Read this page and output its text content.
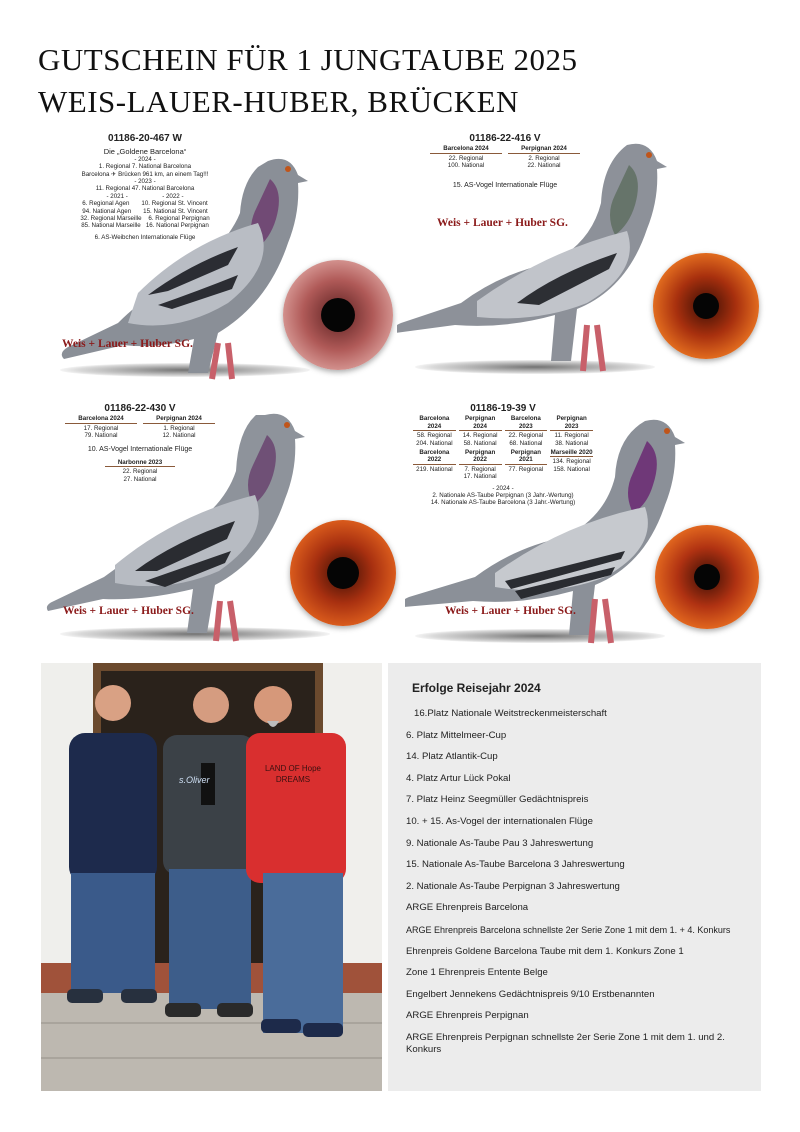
GUTSCHEIN FÜR 1 JUNGTAUBE 2025
WEIS-LAUER-HUBER, BRÜCKEN
01186-20-467 W
Die „Goldene Barcelona“
- 2024 -
1. Regional 7. National Barcelona
Barcelona ✈ Brücken 961 km, an einem Tag!!!
- 2023 -
11. Regional 47. National Barcelona
- 2021 -                    - 2022 -
6. Regional Agen       10. Regional St. Vincent
94. National Agen       15. National St. Vincent
32. Regional Marseille    6. Regional Perpignan
85. National Marseille   16. National Perpignan
6. AS-Weibchen Internationale Flüge
Weis + Lauer + Huber SG.
01186-22-416 V
Barcelona 2024
22. Regional
100. National
Perpignan 2024
2. Regional
22. National
15. AS-Vogel Internationale Flüge
Weis + Lauer + Huber SG.
01186-22-430 V
Barcelona 2024
17. Regional
79. National
Perpignan 2024
1. Regional
12. National
10. AS-Vogel Internationale Flüge
Narbonne 2023
22. Regional
27. National
Weis + Lauer + Huber SG.
01186-19-39 V
Barcelona 2024
58. Regional
204. National
Perpignan 2024
14. Regional
58. National
Barcelona 2023
22. Regional
68. National
Perpignan 2023
11. Regional
38. National
Barcelona 2022
219. National
Perpignan 2022
7. Regional
17. National
Perpignan 2021
77. Regional
Marseille 2020
134. Regional
158. National
- 2024 -
2. Nationale AS-Taube Perpignan (3 Jahr.-Wertung)
14. Nationale AS-Taube Barcelona (3 Jahr.-Wertung)
Weis + Lauer + Huber SG.
s.Oliver
LAND OF Hope DREAMS
Erfolge Reisejahr 2024
16.Platz Nationale Weitstreckenmeisterschaft
6. Platz Mittelmeer-Cup
14. Platz Atlantik-Cup
4. Platz Artur Lück Pokal
7. Platz Heinz Seegmüller Gedächtnispreis
10. + 15. As-Vogel der internationalen Flüge
9. Nationale As-Taube Pau 3 Jahreswertung
15. Nationale As-Taube Barcelona 3 Jahreswertung
2. Nationale As-Taube Perpignan 3 Jahreswertung
ARGE Ehrenpreis Barcelona
ARGE Ehrenpreis Barcelona schnellste 2er Serie Zone 1 mit dem 1. + 4. Konkurs
Ehrenpreis Goldene Barcelona Taube mit dem 1. Konkurs Zone 1
Zone 1 Ehrenpreis Entente Belge
Engelbert Jennekens Gedächtnispreis 9/10 Erstbenannten
ARGE Ehrenpreis Perpignan
ARGE Ehrenpreis Perpignan schnellste 2er Serie Zone 1 mit dem 1. und 2. Konkurs
